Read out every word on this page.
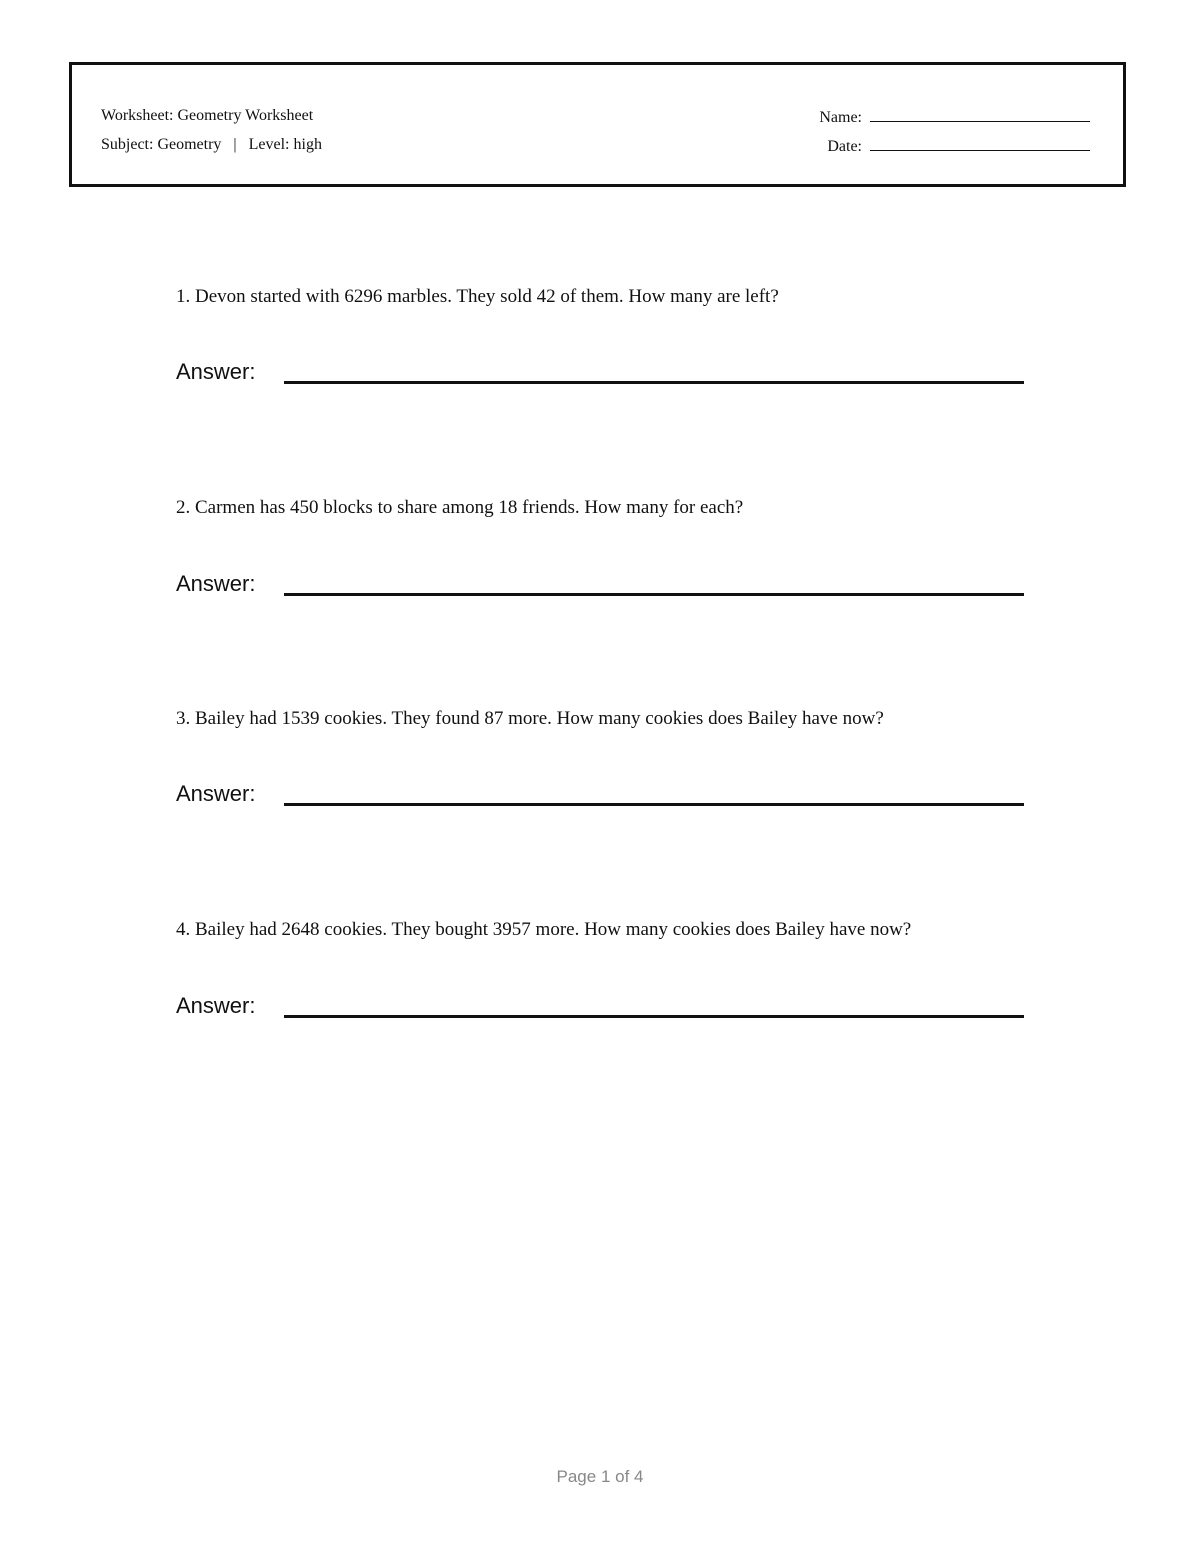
Worksheet: Geometry Worksheet
Subject: Geometry | Level: high
Name:
Date:
1. Devon started with 6296 marbles. They sold 42 of them. How many are left?
Answer:
2. Carmen has 450 blocks to share among 18 friends. How many for each?
Answer:
3. Bailey had 1539 cookies. They found 87 more. How many cookies does Bailey have now?
Answer:
4. Bailey had 2648 cookies. They bought 3957 more. How many cookies does Bailey have now?
Answer:
Page 1 of 4
